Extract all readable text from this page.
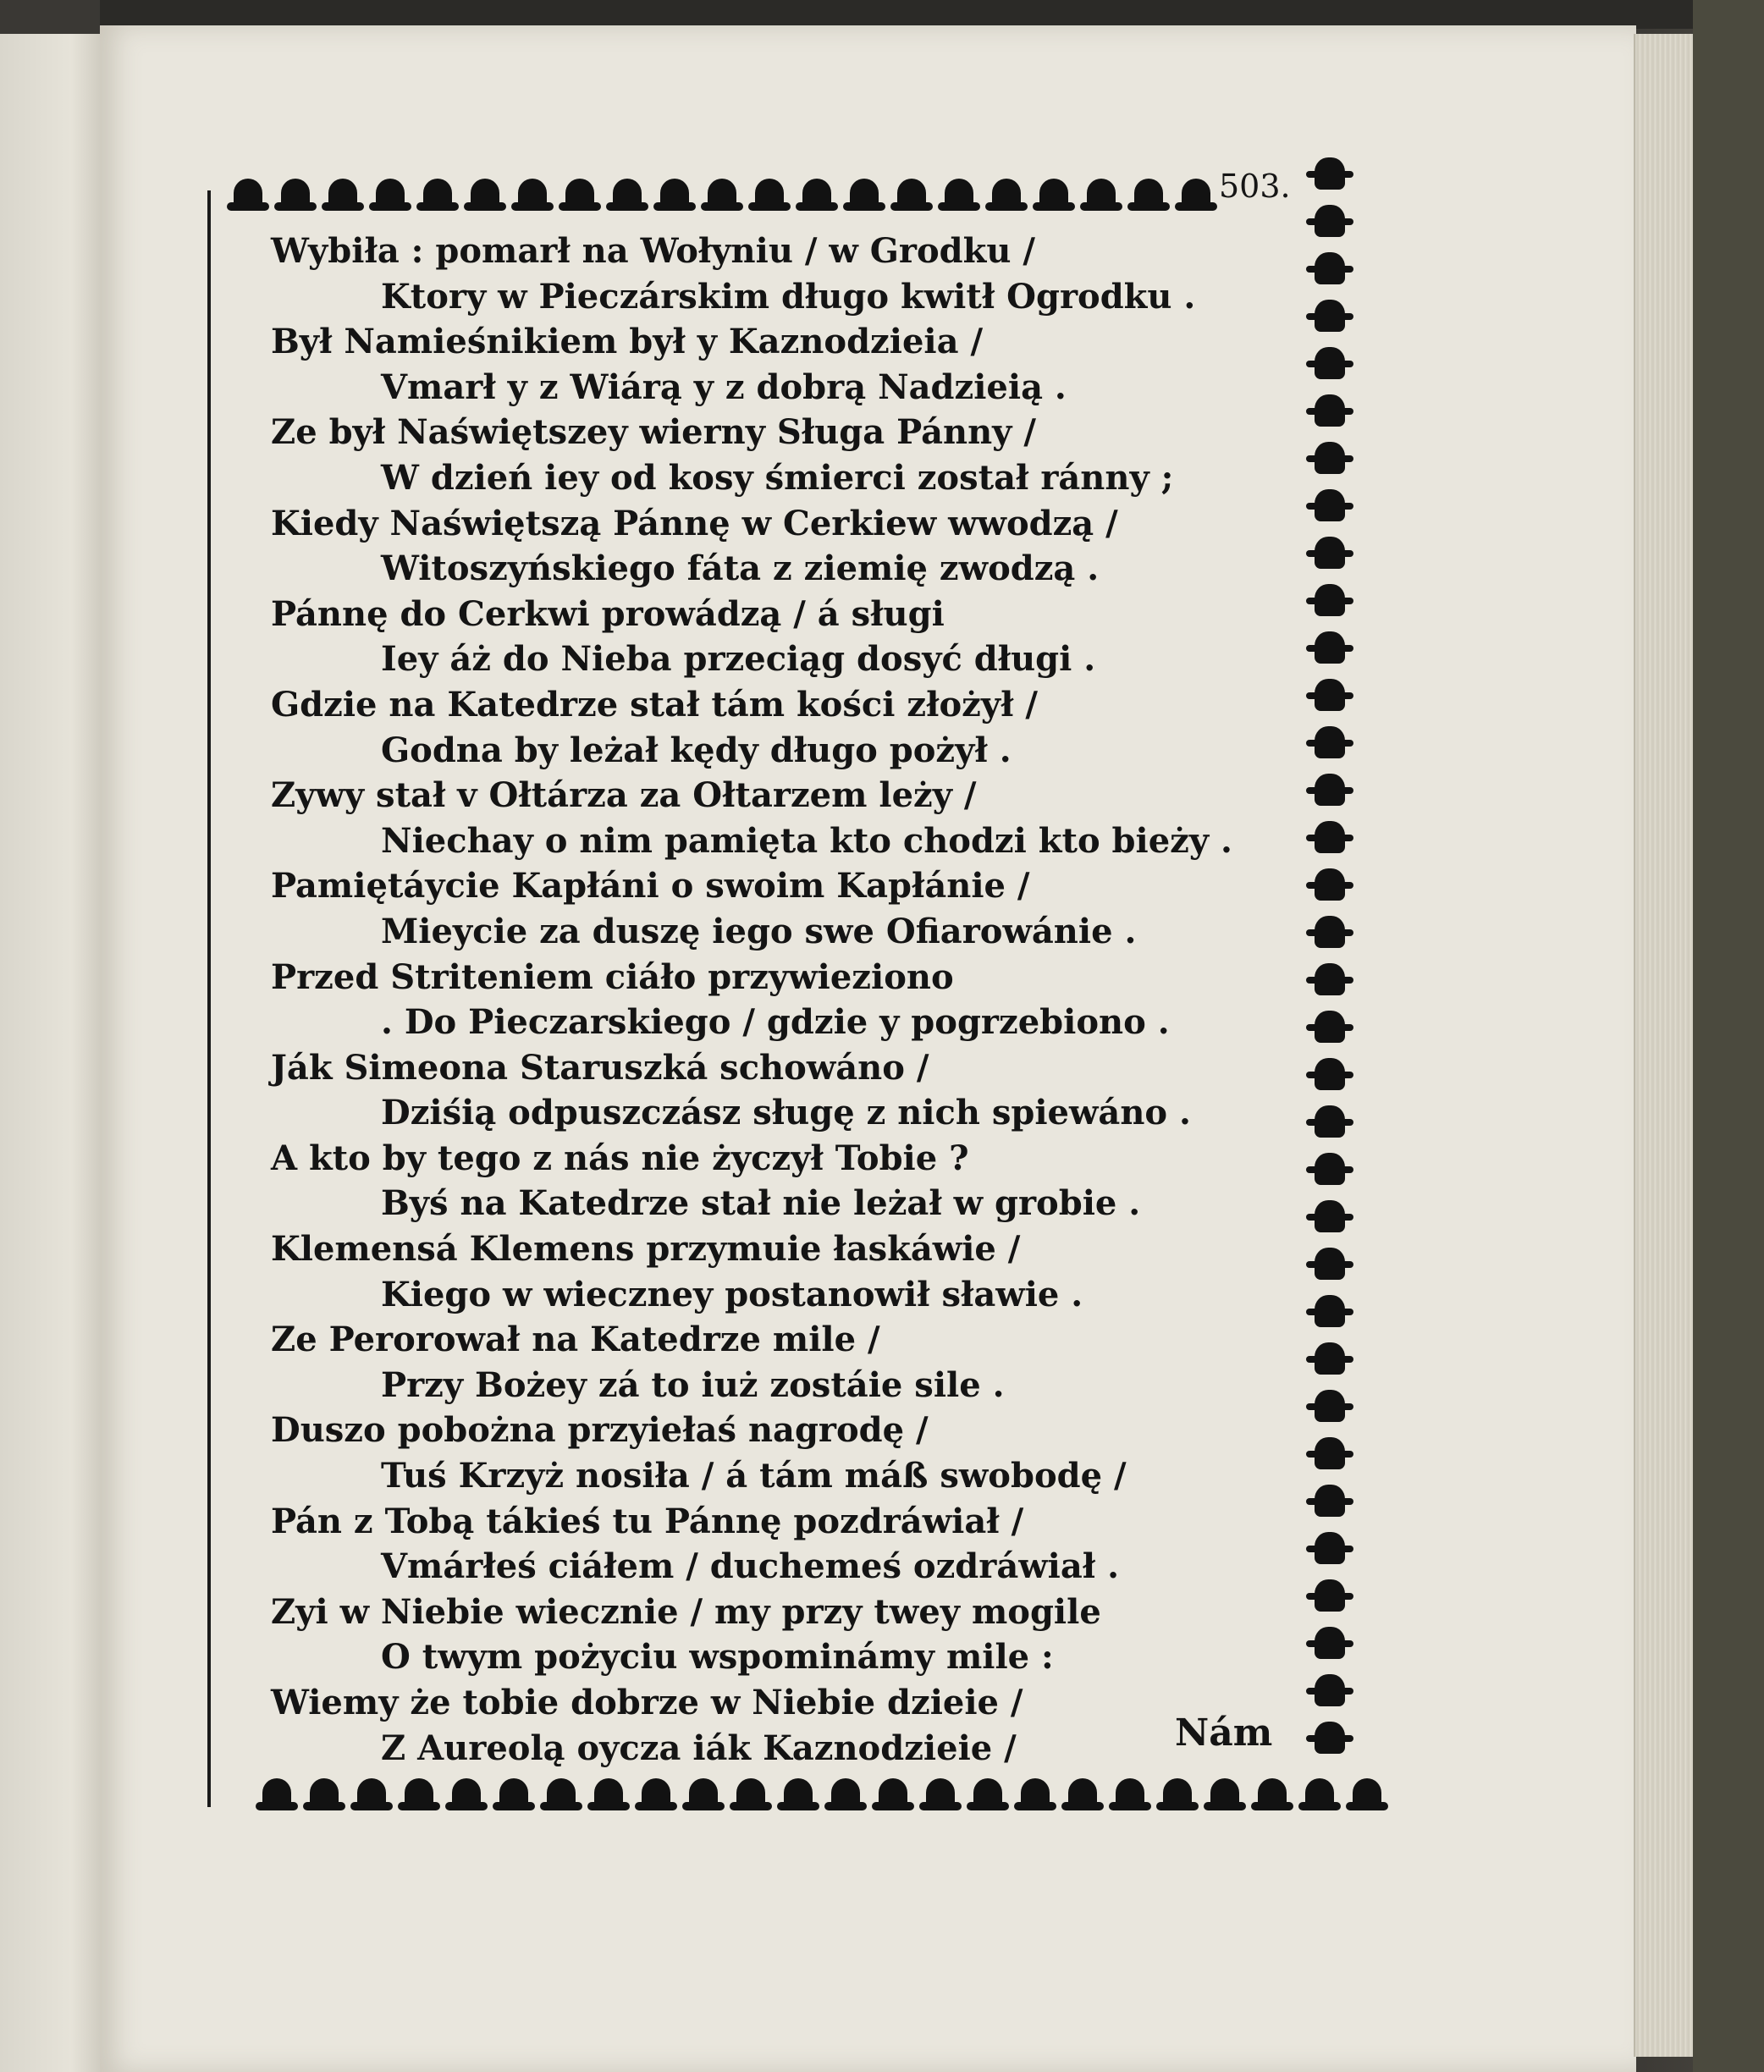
503.
Wybiła : pomarł na Wołyniu / w Grodku /
Ktory w Pieczárskim długo kwitł Ogrodku .
Był Namieśnikiem był y Kaznodzieia /
Vmarł y z Wiárą y z dobrą Nadzieią .
Ze był Naświętszey wierny Sługa Pánny /
W dzień iey od kosy śmierci został ránny ;
Kiedy Naświętszą Pánnę w Cerkiew wwodzą /
Witoszyńskiego fáta z ziemię zwodzą .
Pánnę do Cerkwi prowádzą / á sługi
Iey áż do Nieba przeciąg dosyć długi .
Gdzie na Katedrze stał tám kości złożył /
Godna by leżał kędy długo pożył .
Zywy stał v Ołtárza za Ołtarzem leży /
Niechay o nim pamięta kto chodzi kto bieży .
Pamiętáycie Kapłáni o swoim Kapłánie /
Mieycie za duszę iego swe Ofiarowánie .
Przed Striteniem ciáło przywieziono
. Do Pieczarskiego / gdzie y pogrzebiono .
Ják Simeona Staruszká schowáno /
Dziśią odpuszczász sługę z nich spiewáno .
A kto by tego z nás nie życzył Tobie ?
Byś na Katedrze stał nie leżał w grobie .
Klemensá Klemens przymuie łaskáwie /
Kiego w wieczney postanowił sławie .
Ze Perorował na Katedrze mile /
Przy Bożey zá to iuż zostáie sile .
Duszo pobożna przyiełaś nagrodę /
Tuś Krzyż nosiła / á tám máß swobodę /
Pán z Tobą tákieś tu Pánnę pozdráwiał /
Vmárłeś ciáłem / duchemeś ozdráwiał .
Zyi w Niebie wiecznie / my przy twey mogile
O twym pożyciu wspominámy mile :
Wiemy że tobie dobrze w Niebie dzieie /
Z Aureolą oycza iák Kaznodzieie /	Nám
